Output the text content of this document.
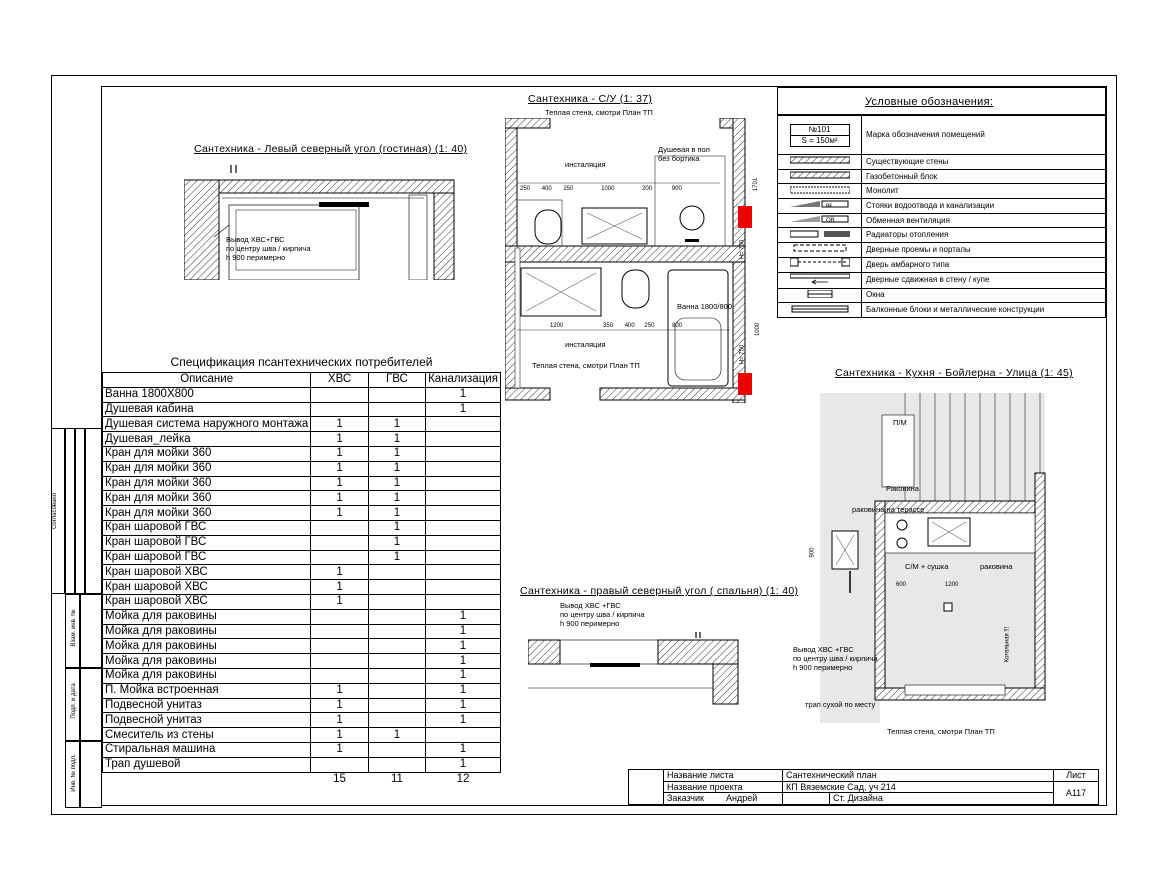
Согласовано
Взам. инв. №
Подп. и дата
Инв. № подл.
Сантехника - Левый северный угол (гостиная) (1: 40)
Вывод ХВС+ГВС
по центру шва / кирпича
h 900 перимерно
Сантехника - С/У (1: 37)
Теплая стена, смотри План ТП
инсталяция
Душевая в пол
без бортика
250 400 250	1000	200	900
1200	350 400 250	800
Ванна 1800/800
инсталяция
Теплая стена, смотри План ТП
H= 750
H= 750
1701
1000
Условные обозначения:
№101
S = 150м²	Марка обозначения помещений
	Существующие стены
	Газобетонный блок
	Монолит

вк	Стояки водоотвода и канализации

ОВ	Обменная вентиляция
	Радиаторы отопления
	Дверные проемы и порталы
	Дверь амбарного типа
	Дверные сдвижная в стену / купе
	Окна
	Балконные блоки и металлические конструкции
Спецификация псантехнических потребителей			
Описание	ХВС	ГВС	Канализация
Ванна 1800Х800			1
Душевая кабина			1
Душевая система наружного монтажа	1	1	
Душевая_лейка	1	1	
Кран для мойки 360	1	1	
Кран для мойки 360	1	1	
Кран для мойки 360	1	1	
Кран для мойки 360	1	1	
Кран для мойки 360	1	1	
Кран шаровой ГВС		1	
Кран шаровой ГВС		1	
Кран шаровой ГВС		1	
Кран шаровой ХВС	1		
Кран шаровой ХВС	1		
Кран шаровой ХВС	1		
Мойка для раковины			1
Мойка для раковины			1
Мойка для раковины			1
Мойка для раковины			1
Мойка для раковины			1
П. Мойка встроенная	1		1
Подвесной унитаз	1		1
Подвесной унитаз	1		1
Смеситель из стены	1	1	
Стиральная машина	1		1
Трап душевой			1
	15	11	12
Сантехника - правый северный угол ( спальня) (1: 40)
Вывод ХВС +ГВС
по центру шва / кирпича
h 900 перимерно
Сантехника - Кухня - Бойлерна - Улица (1: 45)
П/М
Раковина
раковина на терассе
С/М + сушка	раковина
600	1200
900
Вывод ХВС +ГВС
по центру шва / кирпича
h 900 перимерно
трап сухой по месту
Котельная !!!
Теплая стена, смотри План ТП
	Название листа	Сантехнический план		Лист
	Название проекта	КП Вяземские Сад, уч 214		А117
	Заказчик Андрей		Ст. Дизайна	
